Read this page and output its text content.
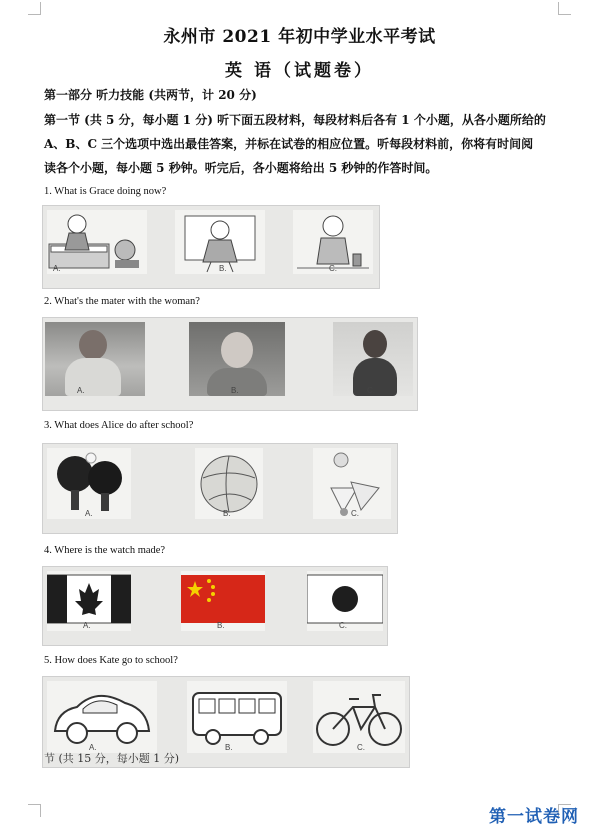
永州市 2021 年初中学业水平考试
英 语（试题卷）
第一部分 听力技能 (共两节，计 20 分)
第一节 (共 5 分，每小题 1 分) 听下面五段材料，每段材料后各有 1 个小题，从各小题所给的
A、B、C 三个选项中选出最佳答案，并标在试卷的相应位置。听每段材料前，你将有时间阅
读各个小题，每小题 5 秒钟。听完后，各小题将给出 5 秒钟的作答时间。
1. What is Grace doing now?
A.	B.	C.
2. What's the mater with the woman?
A.	B.	C.
3. What does Alice do after school?
A.	B.	C.
4. Where is the watch made?
A.	B.	C.
5. How does Kate go to school?
A.	B.	C.
节 (共 15 分，每小题 1 分)
第一试卷网
